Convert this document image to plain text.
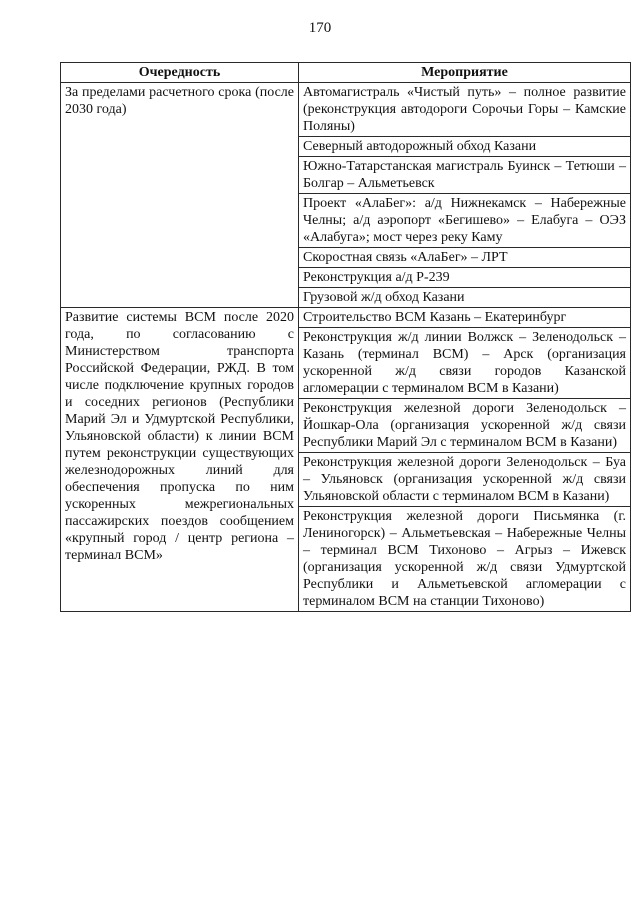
170
Очередность	Мероприятие
За пределами расчетного срока (после 2030 года)	Автомагистраль «Чистый путь» – полное развитие (реконструкция автодороги Сорочьи Горы – Камские Поляны)
	Северный автодорожный обход Казани
	Южно-Татарстанская магистраль Буинск – Тетюши – Болгар – Альметьевск
	Проект «АлаБег»: а/д Нижнекамск – Набережные Челны; а/д аэропорт «Бегишево» – Елабуга – ОЭЗ «Алабуга»; мост через реку Каму
	Скоростная связь «АлаБег» – ЛРТ
	Реконструкция а/д Р-239
	Грузовой ж/д обход Казани
Развитие системы ВСМ после 2020 года, по согласованию с Министерством транспорта Российской Федерации, РЖД. В том числе подключение крупных городов и соседних регионов (Республики Марий Эл и Удмуртской Республики, Ульяновской области) к линии ВСМ путем реконструкции существующих железнодорожных линий для обеспечения пропуска по ним ускоренных межрегиональных пассажирских поездов сообщением «крупный город / центр региона – терминал ВСМ»	Строительство ВСМ Казань – Екатеринбург
	Реконструкция ж/д линии Волжск – Зеленодольск – Казань (терминал ВСМ) – Арск (организация ускоренной ж/д связи городов Казанской агломерации с терминалом ВСМ в Казани)
	Реконструкция железной дороги Зеленодольск – Йошкар-Ола (организация ускоренной ж/д связи Республики Марий Эл с терминалом ВСМ в Казани)
	Реконструкция железной дороги Зеленодольск – Буа – Ульяновск (организация ускоренной ж/д связи Ульяновской области с терминалом ВСМ в Казани)
	Реконструкция железной дороги Письмянка (г. Лениногорск) – Альметьевская – Набережные Челны – терминал ВСМ Тихоново – Агрыз – Ижевск (организация ускоренной ж/д связи Удмуртской Республики и Альметьевской агломерации с терминалом ВСМ на станции Тихоново)
